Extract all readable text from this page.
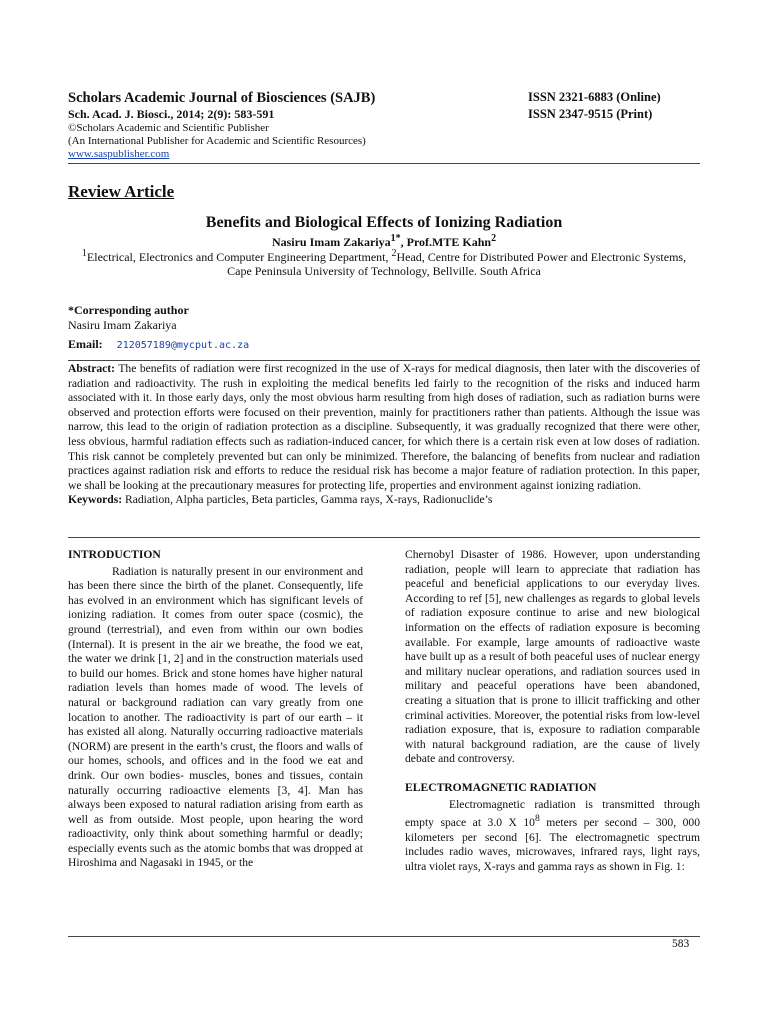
Scholars Academic Journal of Biosciences (SAJB)	ISSN 2321-6883 (Online)
Sch. Acad. J. Biosci., 2014; 2(9): 583-591	ISSN 2347-9515 (Print)
©Scholars Academic and Scientific Publisher
(An International Publisher for Academic and Scientific Resources)
www.saspublisher.com
Review Article
Benefits and Biological Effects of Ionizing Radiation
Nasiru Imam Zakariya$^{1*}$, Prof.MTE Kahn$^2$
$^1$Electrical, Electronics and Computer Engineering Department, $^2$Head, Centre for Distributed Power and Electronic Systems,
Cape Peninsula University of Technology, Bellville. South Africa
*Corresponding author
Nasiru Imam Zakariya
Email: 212057189@mycput.ac.za
Abstract: The benefits of radiation were first recognized in the use of X-rays for medical diagnosis, then later with the discoveries of radiation and radioactivity. The rush in exploiting the medical benefits led fairly to the recognition of the risks and induced harm associated with it. In those early days, only the most obvious harm resulting from high doses of radiation, such as radiation burns were observed and protection efforts were focused on their prevention, mainly for practitioners rather than patients. Although the issue was narrow, this lead to the origin of radiation protection as a discipline. Subsequently, it was gradually recognized that there were other, less obvious, harmful radiation effects such as radiation-induced cancer, for which there is a certain risk even at low doses of radiation. This risk cannot be completely prevented but can only be minimized. Therefore, the balancing of benefits from nuclear and radiation practices against radiation risk and efforts to reduce the residual risk has become a major feature of radiation protection. In this paper, we shall be looking at the precautionary measures for protecting life, properties and environment against ionizing radiation.
Keywords: Radiation, Alpha particles, Beta particles, Gamma rays, X-rays, Radionuclide’s
INTRODUCTION

Radiation is naturally present in our environment and has been there since the birth of the planet. Consequently, life has evolved in an environment which has significant levels of ionizing radiation. It comes from outer space (cosmic), the ground (terrestrial), and even from within our own bodies (Internal). It is present in the air we breathe, the food we eat, the water we drink [1, 2] and in the construction materials used to build our homes. Brick and stone homes have higher natural radiation levels than homes made of wood. The levels of natural or background radiation can vary greatly from one location to another. The radioactivity is part of our earth – it has existed all along. Naturally occurring radioactive materials (NORM) are present in the earth’s crust, the floors and walls of our homes, schools, and offices and in the food we eat and drink. Our own bodies- muscles, bones and tissues, contain naturally occurring radioactive elements [3, 4]. Man has always been exposed to natural radiation arising from earth as well as from outside. Most people, upon hearing the word radioactivity, only think about something harmful or deadly; especially events such as the atomic bombs that was dropped at Hiroshima and Nagasaki in 1945, or the

Chernobyl Disaster of 1986. However, upon understanding radiation, people will learn to appreciate that radiation has peaceful and beneficial applications to our everyday lives. According to ref [5], new challenges as regards to global levels of radiation exposure continue to arise and new biological information on the effects of radiation exposure is becoming available. For example, large amounts of radioactive waste have built up as a result of both peaceful uses of nuclear energy and military nuclear operations, and radiation sources used in military and peaceful operations have been abandoned, creating a situation that is prone to illicit trafficking and other criminal activities. Moreover, the potential risks from low-level radiation exposure, that is, exposure to radiation comparable with natural background radiation, are the cause of lively debate and controversy.

ELECTROMAGNETIC RADIATION

Electromagnetic radiation is transmitted through empty space at 3.0 X $10^8$ meters per second – 300, 000 kilometers per second [6]. The electromagnetic spectrum includes radio waves, microwaves, infrared rays, light rays, ultra violet rays, X-rays and gamma rays as shown in Fig. 1:

583
